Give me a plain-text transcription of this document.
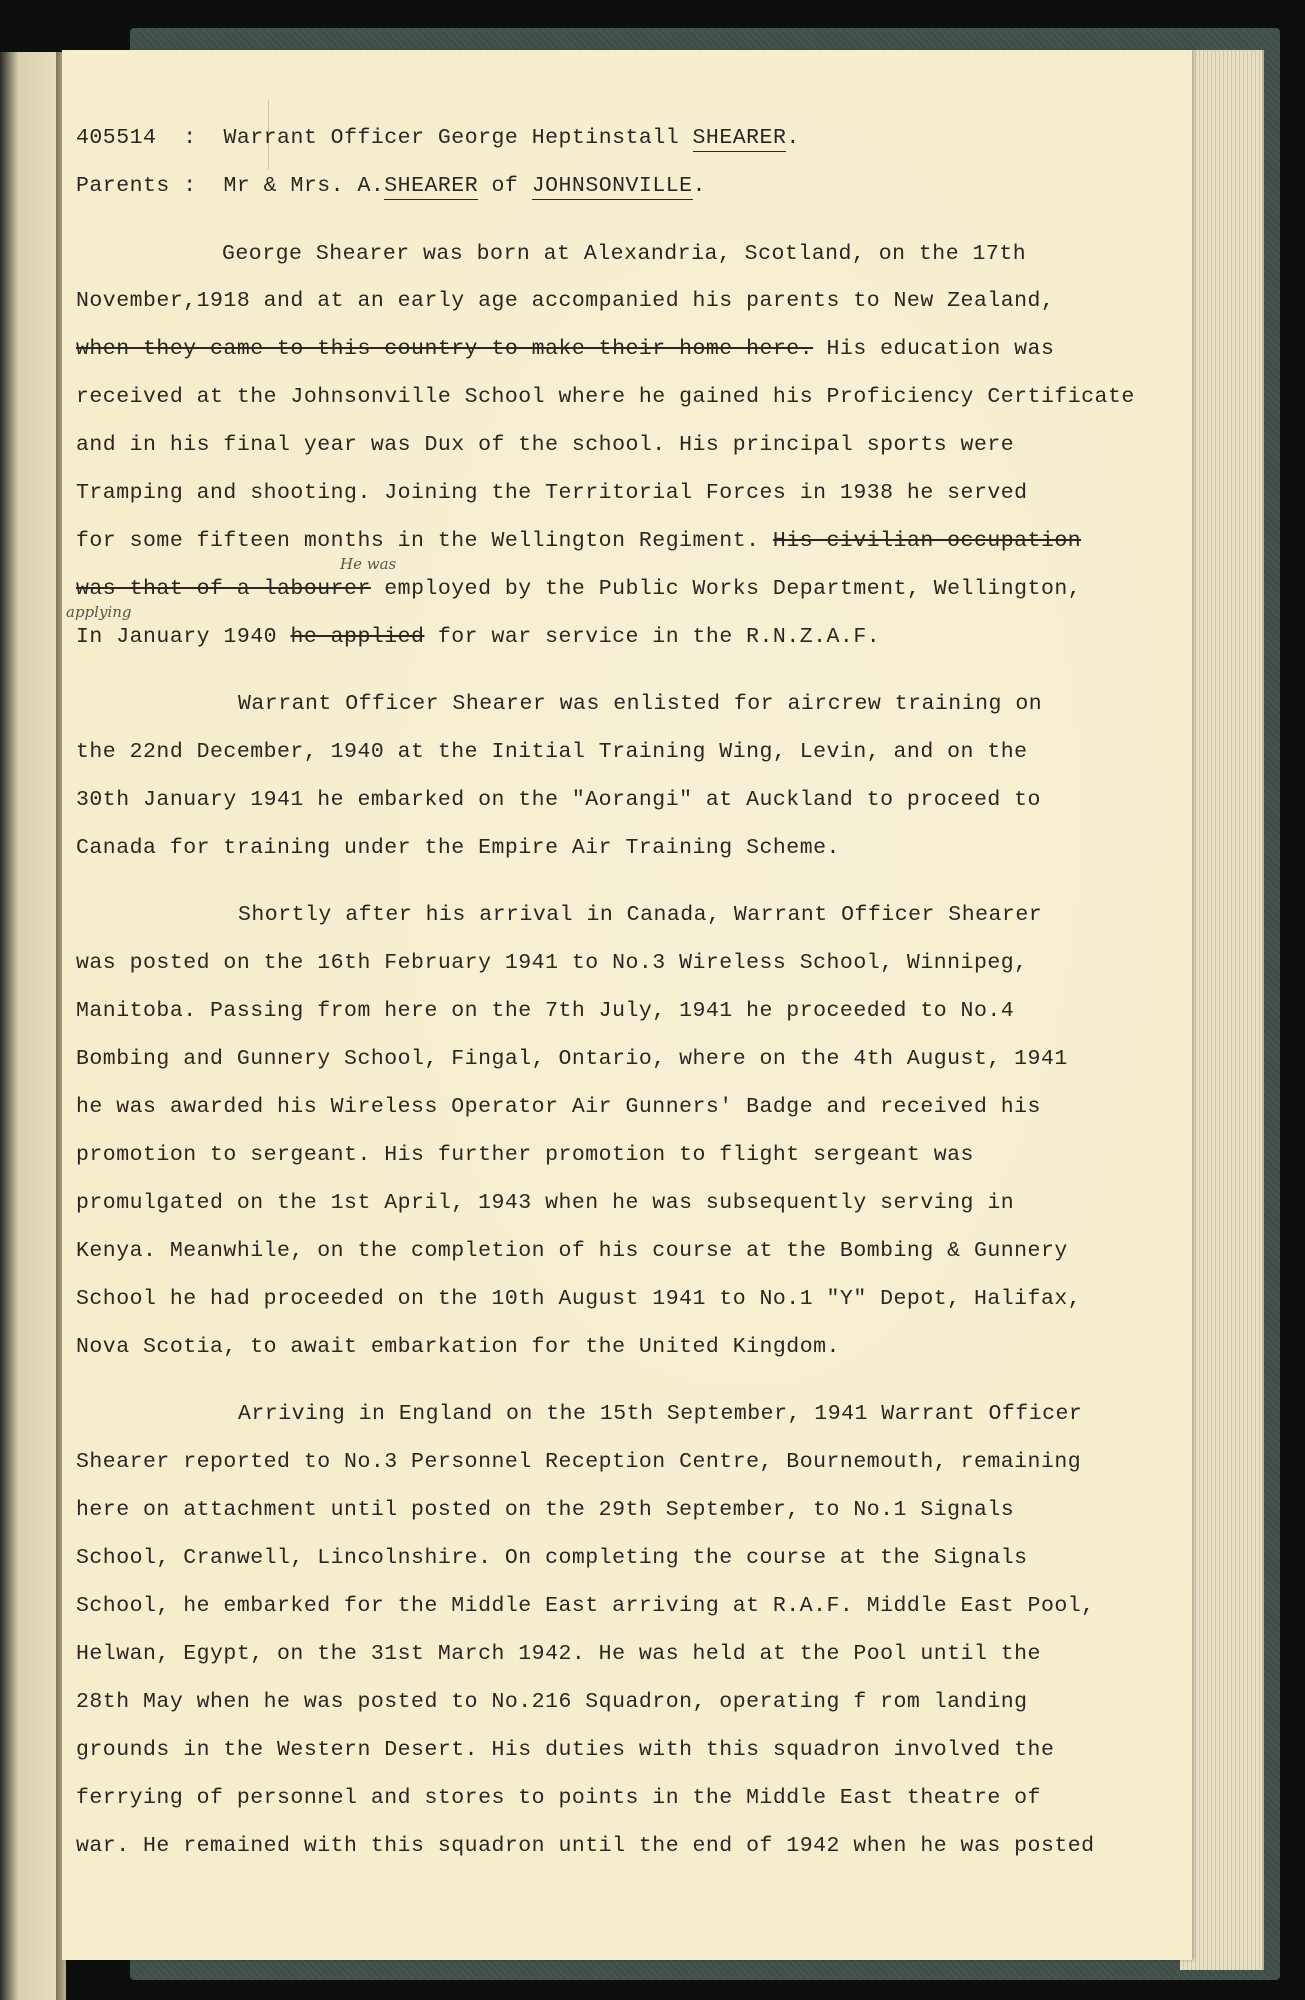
405514 : Warrant Officer George Heptinstall SHEARER.
Parents : Mr & Mrs. A.SHEARER of JOHNSONVILLE.
George Shearer was born at Alexandria, Scotland, on the 17th
November,1918 and at an early age accompanied his parents to New Zealand,
when they came to this country to make their home here. His education was
received at the Johnsonville School where he gained his Proficiency Certificate
and in his final year was Dux of the school. His principal sports were
Tramping and shooting. Joining the Territorial Forces in 1938 he served
for some fifteen months in the Wellington Regiment. His civilian occupation
He was
was that of a labourer employed by the Public Works Department, Wellington,
applying
In January 1940 he applied for war service in the R.N.Z.A.F.
Warrant Officer Shearer was enlisted for aircrew training on
the 22nd December, 1940 at the Initial Training Wing, Levin, and on the
30th January 1941 he embarked on the "Aorangi" at Auckland to proceed to
Canada for training under the Empire Air Training Scheme.
Shortly after his arrival in Canada, Warrant Officer Shearer
was posted on the 16th February 1941 to No.3 Wireless School, Winnipeg,
Manitoba. Passing from here on the 7th July, 1941 he proceeded to No.4
Bombing and Gunnery School, Fingal, Ontario, where on the 4th August, 1941
he was awarded his Wireless Operator Air Gunners' Badge and received his
promotion to sergeant. His further promotion to flight sergeant was
promulgated on the 1st April, 1943 when he was subsequently serving in
Kenya. Meanwhile, on the completion of his course at the Bombing & Gunnery
School he had proceeded on the 10th August 1941 to No.1 "Y" Depot, Halifax,
Nova Scotia, to await embarkation for the United Kingdom.
Arriving in England on the 15th September, 1941 Warrant Officer
Shearer reported to No.3 Personnel Reception Centre, Bournemouth, remaining
here on attachment until posted on the 29th September, to No.1 Signals
School, Cranwell, Lincolnshire. On completing the course at the Signals
School, he embarked for the Middle East arriving at R.A.F. Middle East Pool,
Helwan, Egypt, on the 31st March 1942. He was held at the Pool until the
28th May when he was posted to No.216 Squadron, operating f rom landing
grounds in the Western Desert. His duties with this squadron involved the
ferrying of personnel and stores to points in the Middle East theatre of
war. He remained with this squadron until the end of 1942 when he was posted
